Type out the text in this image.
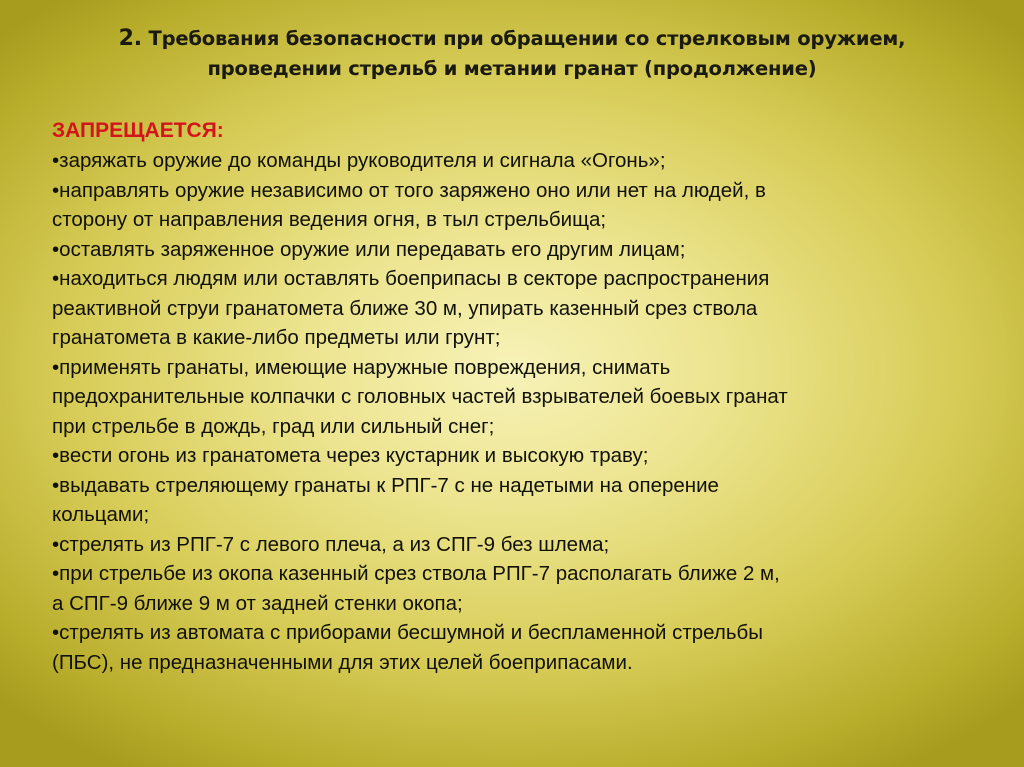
2. Требования безопасности при обращении со стрелковым оружием,
проведении стрельб и метании гранат (продолжение)
ЗАПРЕЩАЕТСЯ:
•заряжать оружие до команды руководителя и сигнала «Огонь»;
•направлять оружие независимо от того заряжено оно или нет на людей, в
сторону от направления ведения огня, в тыл стрельбища;
•оставлять заряженное оружие или передавать его другим лицам;
•находиться людям или оставлять боеприпасы в секторе распространения
реактивной струи гранатомета ближе 30 м, упирать казенный срез ствола
гранатомета в какие-либо предметы или грунт;
•применять гранаты, имеющие наружные повреждения, снимать
предохранительные колпачки с головных частей взрывателей боевых гранат
при стрельбе в дождь, град или сильный снег;
•вести огонь из гранатомета через кустарник и высокую траву;
•выдавать стреляющему гранаты к РПГ-7 с не надетыми на оперение
кольцами;
•стрелять из РПГ-7 с левого плеча, а из СПГ-9 без шлема;
•при стрельбе из окопа казенный срез ствола РПГ-7 располагать ближе 2 м,
а СПГ-9 ближе 9 м от задней стенки окопа;
•стрелять из автомата с приборами бесшумной и беспламенной стрельбы
(ПБС), не предназначенными для этих целей боеприпасами.
